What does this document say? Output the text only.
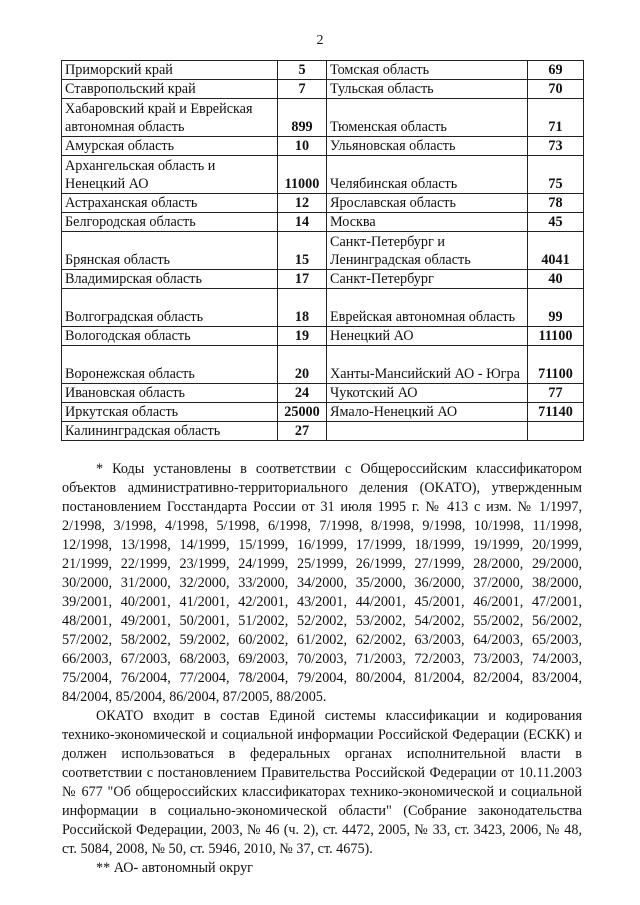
2
Приморский край	5	Томская область	69
Ставропольский край	7	Тульская область	70
Хабаровский край и Еврейская автономная область	899	Тюменская область	71
Амурская область	10	Ульяновская область	73
Архангельская область и Ненецкий АО	11000	Челябинская область	75
Астраханская область	12	Ярославская область	78
Белгородская область	14	Москва	45
Брянская область	15	Санкт-Петербург и Ленинградская область	4041
Владимирская область	17	Санкт-Петербург	40
Волгоградская область	18	Еврейская автономная область	99
Вологодская область	19	Ненецкий АО	11100
Воронежская область	20	Ханты-Мансийский АО - Югра	71100
Ивановская область	24	Чукотский АО	77
Иркутская область	25000	Ямало-Ненецкий АО	71140
Калининградская область	27		

* Коды установлены в соответствии с Общероссийским классификатором объектов административно-территориального деления (ОКАТО), утвержденным постановлением Госстандарта России от 31 июля 1995 г. № 413 с изм. № 1/1997, 2/1998, 3/1998, 4/1998, 5/1998, 6/1998, 7/1998, 8/1998, 9/1998, 10/1998, 11/1998, 12/1998, 13/1998, 14/1999, 15/1999, 16/1999, 17/1999, 18/1999, 19/1999, 20/1999, 21/1999, 22/1999, 23/1999, 24/1999, 25/1999, 26/1999, 27/1999, 28/2000, 29/2000, 30/2000, 31/2000, 32/2000, 33/2000, 34/2000, 35/2000, 36/2000, 37/2000, 38/2000, 39/2001, 40/2001, 41/2001, 42/2001, 43/2001, 44/2001, 45/2001, 46/2001, 47/2001, 48/2001, 49/2001, 50/2001, 51/2002, 52/2002, 53/2002, 54/2002, 55/2002, 56/2002, 57/2002, 58/2002, 59/2002, 60/2002, 61/2002, 62/2002, 63/2003, 64/2003, 65/2003, 66/2003, 67/2003, 68/2003, 69/2003, 70/2003, 71/2003, 72/2003, 73/2003, 74/2003, 75/2004, 76/2004, 77/2004, 78/2004, 79/2004, 80/2004, 81/2004, 82/2004, 83/2004, 84/2004, 85/2004, 86/2004, 87/2005, 88/2005.

ОКАТО входит в состав Единой системы классификации и кодирования технико-экономической и социальной информации Российской Федерации (ЕСКК) и должен использоваться в федеральных органах исполнительной власти в соответствии с постановлением Правительства Российской Федерации от 10.11.2003 № 677 "Об общероссийских классификаторах технико-экономической и социальной информации в социально-экономической области" (Собрание законодательства Российской Федерации, 2003, № 46 (ч. 2), ст. 4472, 2005, № 33, ст. 3423, 2006, № 48, ст. 5084, 2008, № 50, ст. 5946, 2010, № 37, ст. 4675).

** АО- автономный округ
